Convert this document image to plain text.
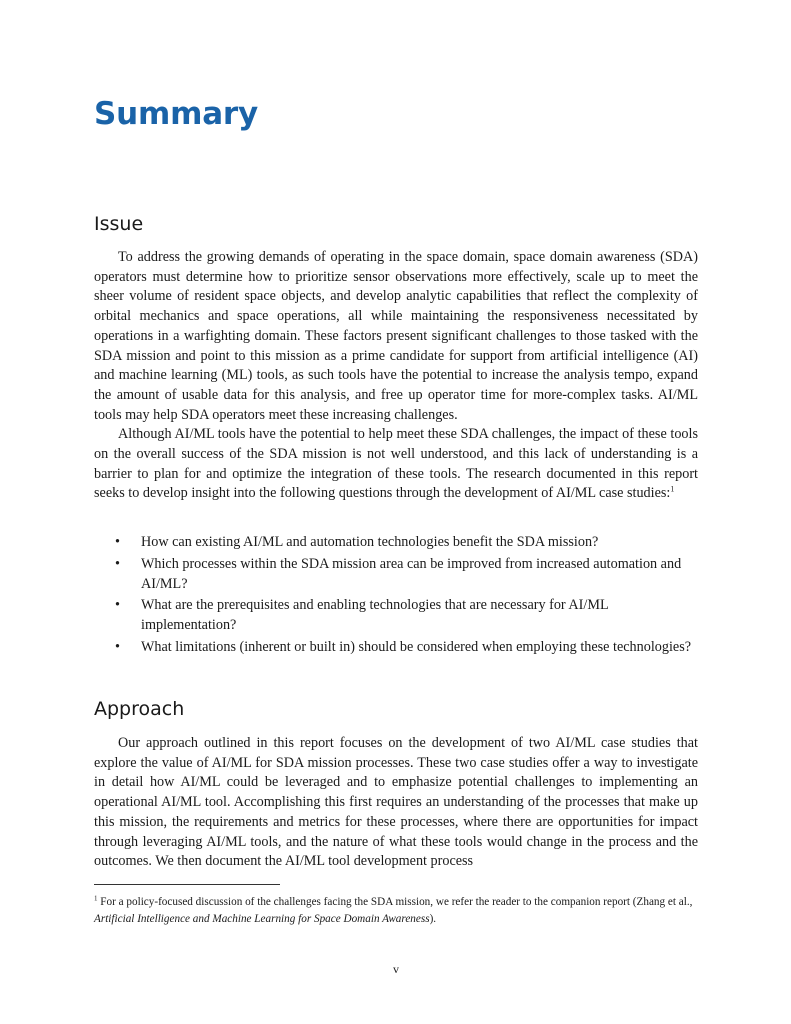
Summary
Issue

To address the growing demands of operating in the space domain, space domain awareness (SDA) operators must determine how to prioritize sensor observations more effectively, scale up to meet the sheer volume of resident space objects, and develop analytic capabilities that reflect the complexity of orbital mechanics and space operations, all while maintaining the responsiveness necessitated by operations in a warfighting domain. These factors present significant challenges to those tasked with the SDA mission and point to this mission as a prime candidate for support from artificial intelligence (AI) and machine learning (ML) tools, as such tools have the potential to increase the analysis tempo, expand the amount of usable data for this analysis, and free up operator time for more-complex tasks. AI/ML tools may help SDA operators meet these increasing challenges.

Although AI/ML tools have the potential to help meet these SDA challenges, the impact of these tools on the overall success of the SDA mission is not well understood, and this lack of understanding is a barrier to plan for and optimize the integration of these tools. The research documented in this report seeks to develop insight into the following questions through the development of AI/ML case studies:$^1$

• How can existing AI/ML and automation technologies benefit the SDA mission?
• Which processes within the SDA mission area can be improved from increased automation and AI/ML?
• What are the prerequisites and enabling technologies that are necessary for AI/ML implementation?
• What limitations (inherent or built in) should be considered when employing these technologies?
Approach

Our approach outlined in this report focuses on the development of two AI/ML case studies that explore the value of AI/ML for SDA mission processes. These two case studies offer a way to investigate in detail how AI/ML could be leveraged and to emphasize potential challenges to implementing an operational AI/ML tool. Accomplishing this first requires an understanding of the processes that make up this mission, the requirements and metrics for these processes, where there are opportunities for impact through leveraging AI/ML tools, and the nature of what these tools would change in the process and the outcomes. We then document the AI/ML tool development process

$^1$ For a policy-focused discussion of the challenges facing the SDA mission, we refer the reader to the companion report (Zhang et al., Artificial Intelligence and Machine Learning for Space Domain Awareness).
v
